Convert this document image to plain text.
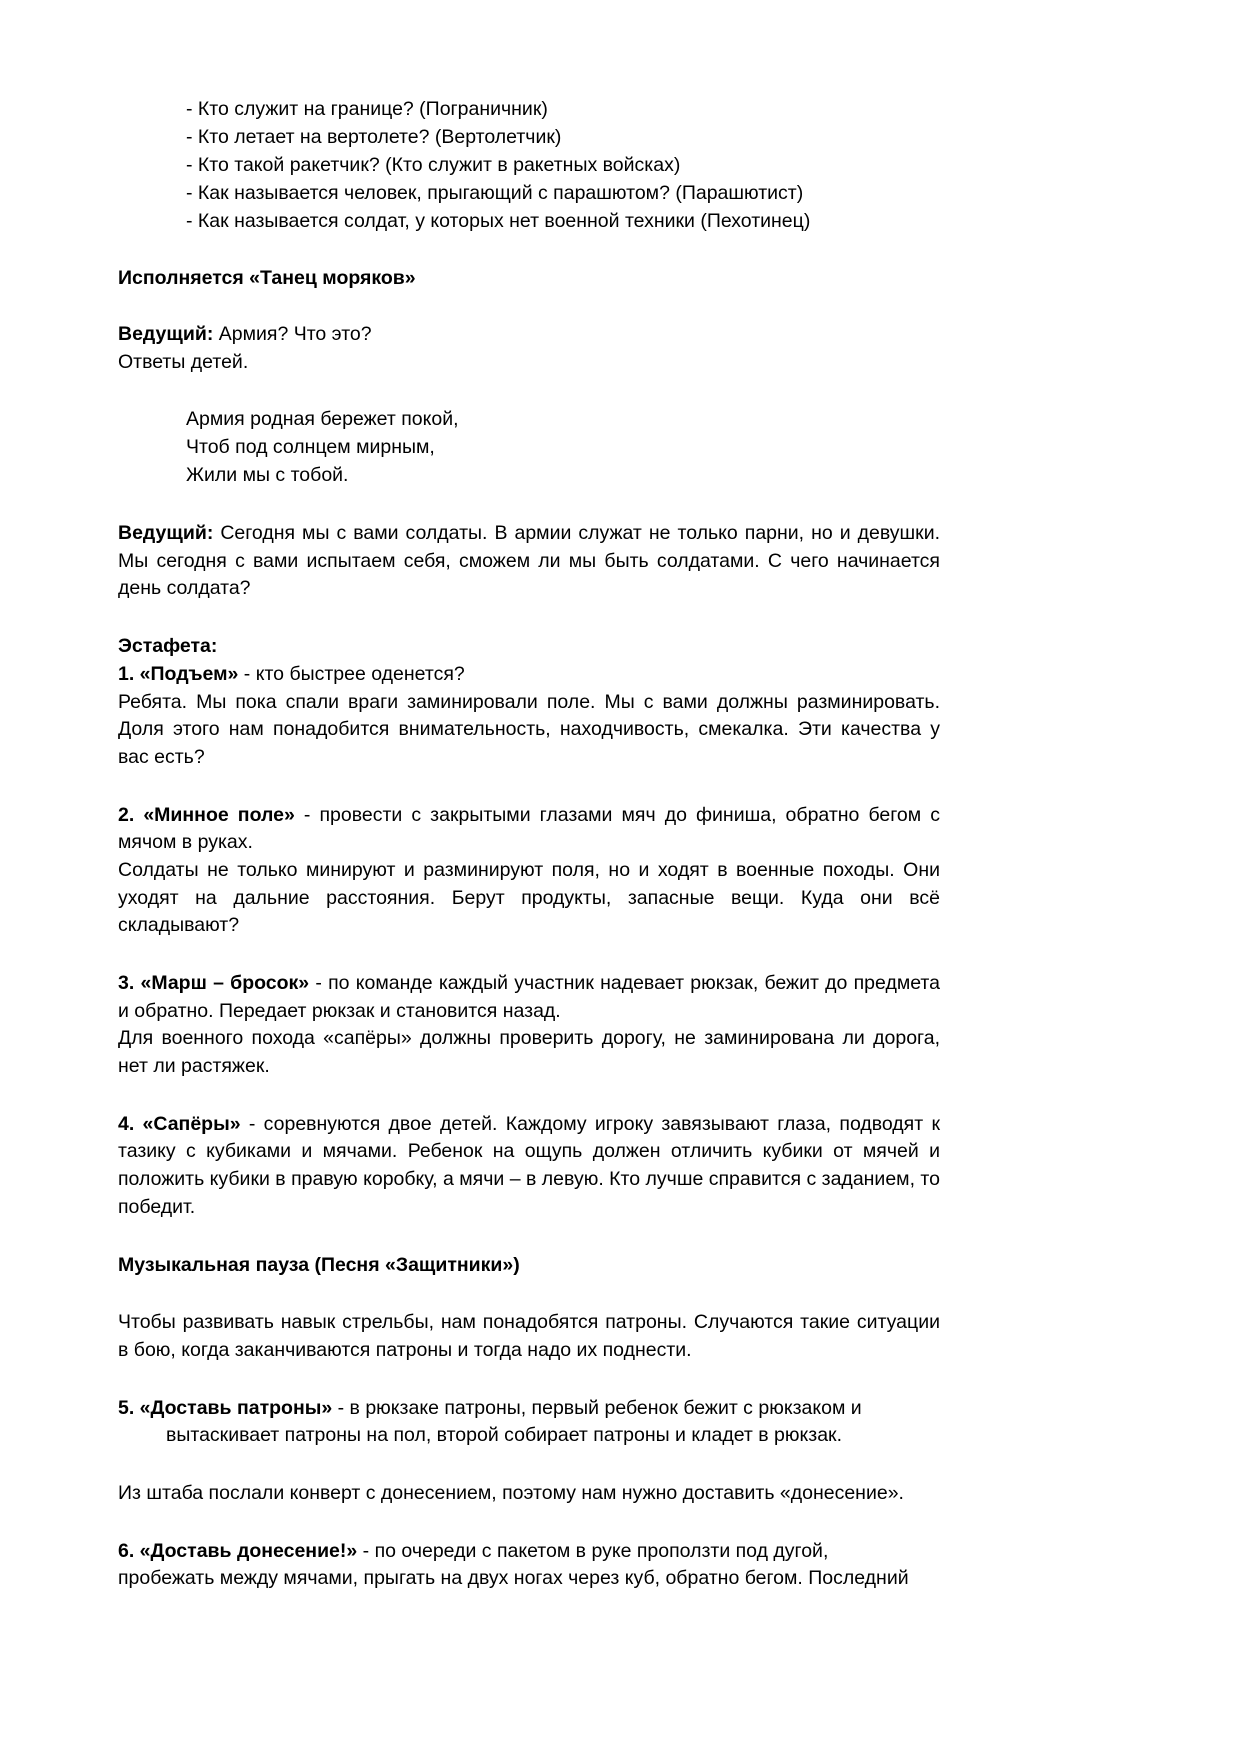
- Кто служит на границе? (Пограничник)
- Кто летает на вертолете? (Вертолетчик)
- Кто такой ракетчик? (Кто служит в ракетных войсках)
- Как называется человек, прыгающий с парашютом? (Парашютист)
- Как называется солдат, у которых нет военной техники (Пехотинец)

Исполняется «Танец моряков»

Ведущий: Армия? Что это?

Ответы детей.

Армия родная бережет покой,
Чтоб под солнцем мирным,
Жили мы с тобой.

Ведущий: Сегодня мы с вами солдаты. В армии служат не только парни, но и девушки. Мы сегодня с вами испытаем себя, сможем ли мы быть солдатами. С чего начинается день солдата?

Эстафета:

1. «Подъем» - кто быстрее оденется?

Ребята. Мы пока спали враги заминировали поле. Мы с вами должны разминировать. Доля этого нам понадобится внимательность, находчивость, смекалка. Эти качества у вас есть?

2. «Минное поле» - провести с закрытыми глазами мяч до финиша, обратно бегом с мячом в руках.

Солдаты не только минируют и разминируют поля, но и ходят в военные походы. Они уходят на дальние расстояния. Берут продукты, запасные вещи. Куда они всё складывают?

3. «Марш – бросок» - по команде каждый участник надевает рюкзак, бежит до предмета и обратно. Передает рюкзак и становится назад.

Для военного похода «сапёры» должны проверить дорогу, не заминирована ли дорога, нет ли растяжек.

4. «Сапёры» - соревнуются двое детей. Каждому игроку завязывают глаза, подводят к тазику с кубиками и мячами. Ребенок на ощупь должен отличить кубики от мячей и положить кубики в правую коробку, а мячи – в левую. Кто лучше справится с заданием, то победит.

Музыкальная пауза (Песня «Защитники»)

Чтобы развивать навык стрельбы, нам понадобятся патроны. Случаются такие ситуации в бою, когда заканчиваются патроны и тогда надо их поднести.

5. «Доставь патроны» - в рюкзаке патроны, первый ребенок бежит с рюкзаком и

вытаскивает патроны на пол, второй собирает патроны и кладет в рюкзак.

Из штаба послали конверт с донесением, поэтому нам нужно доставить «донесение».

6. «Доставь донесение!» - по очереди с пакетом в руке проползти под дугой,

пробежать между мячами, прыгать на двух ногах через куб, обратно бегом. Последний
